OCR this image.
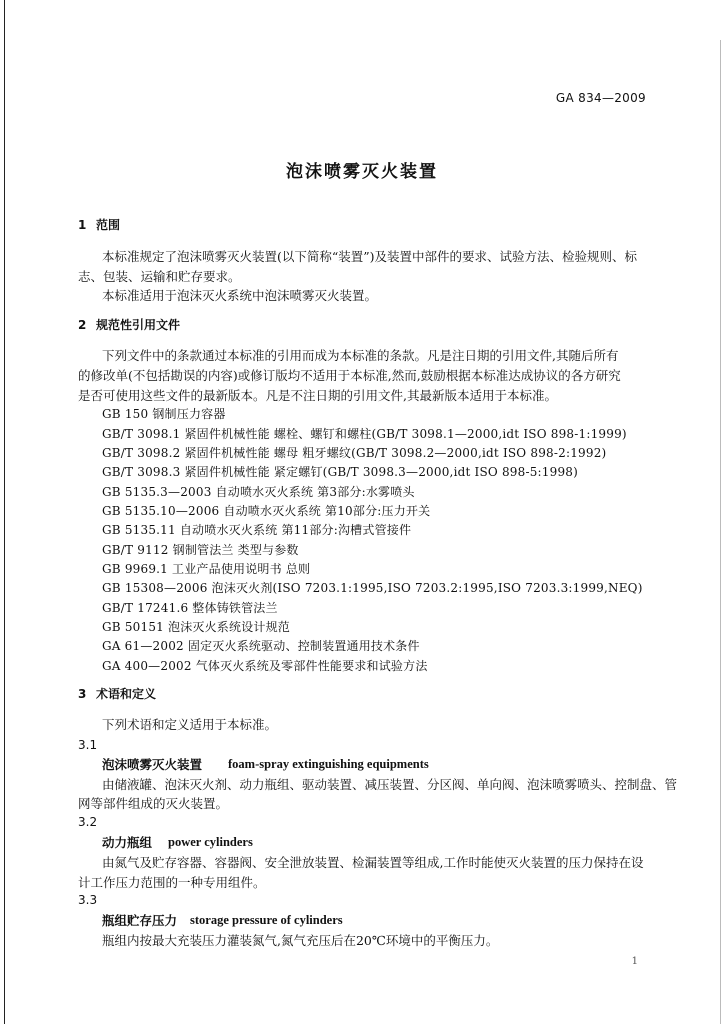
GA 834—2009
泡沫喷雾灭火装置
1 范围
本标准规定了泡沫喷雾灭火装置(以下简称“装置”)及装置中部件的要求、试验方法、检验规则、标
志、包装、运输和贮存要求。
本标准适用于泡沫灭火系统中泡沫喷雾灭火装置。
2 规范性引用文件
下列文件中的条款通过本标准的引用而成为本标准的条款。凡是注日期的引用文件,其随后所有
的修改单(不包括勘误的内容)或修订版均不适用于本标准,然而,鼓励根据本标准达成协议的各方研究
是否可使用这些文件的最新版本。凡是不注日期的引用文件,其最新版本适用于本标准。
GB 150 钢制压力容器
GB/T 3098.1 紧固件机械性能 螺栓、螺钉和螺柱(GB/T 3098.1—2000,idt ISO 898-1:1999)
GB/T 3098.2 紧固件机械性能 螺母 粗牙螺纹(GB/T 3098.2—2000,idt ISO 898-2:1992)
GB/T 3098.3 紧固件机械性能 紧定螺钉(GB/T 3098.3—2000,idt ISO 898-5:1998)
GB 5135.3—2003 自动喷水灭火系统 第3部分:水雾喷头
GB 5135.10—2006 自动喷水灭火系统 第10部分:压力开关
GB 5135.11 自动喷水灭火系统 第11部分:沟槽式管接件
GB/T 9112 钢制管法兰 类型与参数
GB 9969.1 工业产品使用说明书 总则
GB 15308—2006 泡沫灭火剂(ISO 7203.1:1995,ISO 7203.2:1995,ISO 7203.3:1999,NEQ)
GB/T 17241.6 整体铸铁管法兰
GB 50151 泡沫灭火系统设计规范
GA 61—2002 固定灭火系统驱动、控制装置通用技术条件
GA 400—2002 气体灭火系统及零部件性能要求和试验方法
3 术语和定义
下列术语和定义适用于本标准。
3.1
泡沫喷雾灭火装置 foam-spray extinguishing equipments
由储液罐、泡沫灭火剂、动力瓶组、驱动装置、减压装置、分区阀、单向阀、泡沫喷雾喷头、控制盘、管
网等部件组成的灭火装置。
3.2
动力瓶组 power cylinders
由氮气及贮存容器、容器阀、安全泄放装置、检漏装置等组成,工作时能使灭火装置的压力保持在设
计工作压力范围的一种专用组件。
3.3
瓶组贮存压力 storage pressure of cylinders
瓶组内按最大充装压力灌装氮气,氮气充压后在20℃环境中的平衡压力。
1
